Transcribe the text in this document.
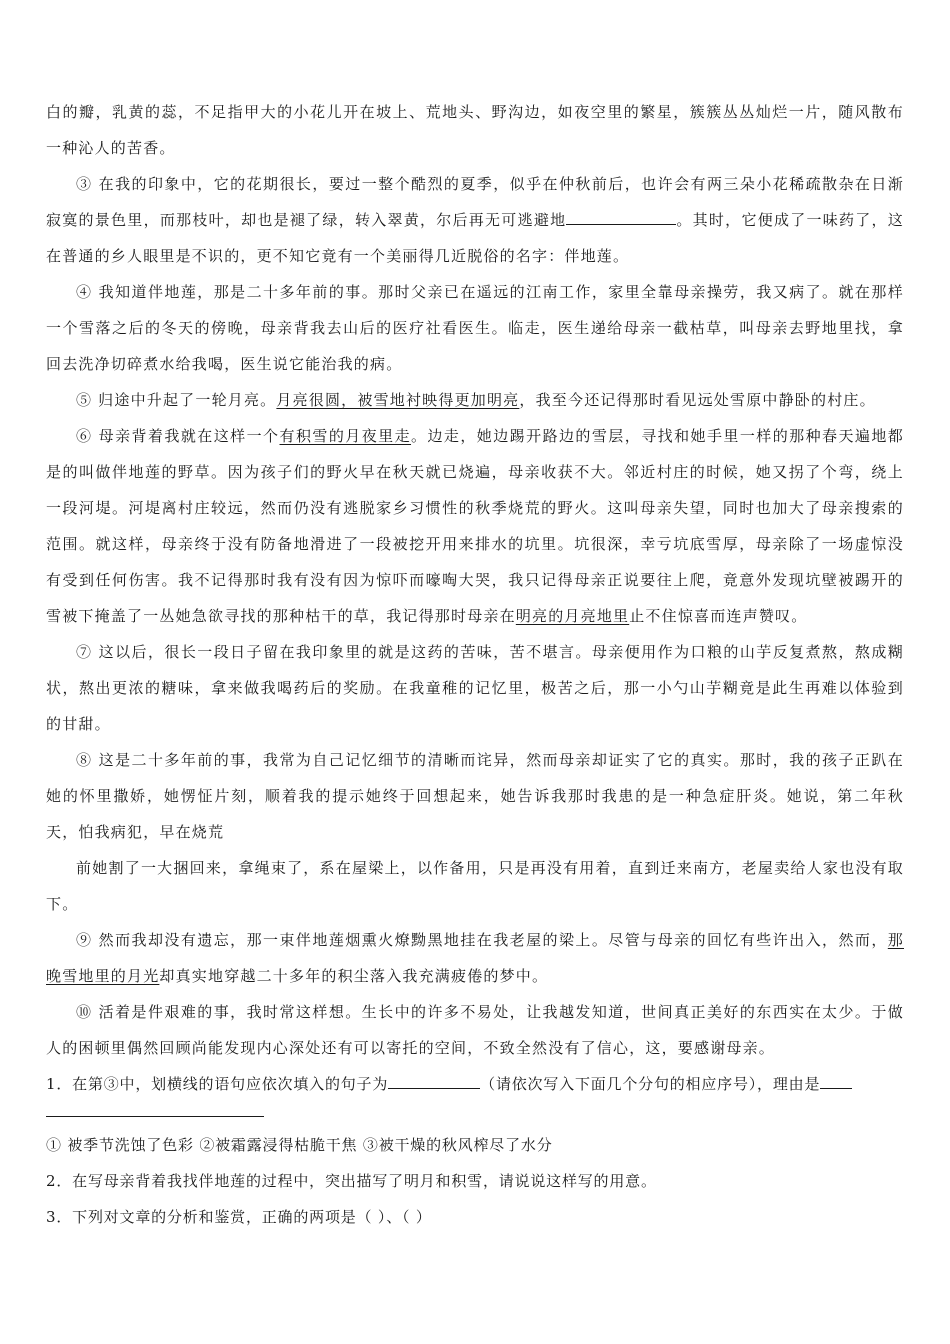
白的瓣，乳黄的蕊，不足指甲大的小花儿开在坡上、荒地头、野沟边，如夜空里的繁星，簇簇丛丛灿烂一片，随风散布一种沁人的苦香。

③ 在我的印象中，它的花期很长，要过一整个酷烈的夏季，似乎在仲秋前后，也许会有两三朵小花稀疏散杂在日渐寂寞的景色里，而那枝叶，却也是褪了绿，转入翠黄，尔后再无可逃避地	。其时，它便成了一味药了，这在普通的乡人眼里是不识的，更不知它竟有一个美丽得几近脱俗的名字：伴地莲。

④ 我知道伴地莲，那是二十多年前的事。那时父亲已在遥远的江南工作，家里全靠母亲操劳，我又病了。就在那样一个雪落之后的冬天的傍晚，母亲背我去山后的医疗社看医生。临走，医生递给母亲一截枯草，叫母亲去野地里找，拿回去洗净切碎煮水给我喝，医生说它能治我的病。

⑤ 归途中升起了一轮月亮。月亮很圆，被雪地衬映得更加明亮，我至今还记得那时看见远处雪原中静卧的村庄。

⑥ 母亲背着我就在这样一个有积雪的月夜里走。边走，她边踢开路边的雪层，寻找和她手里一样的那种春天遍地都是的叫做伴地莲的野草。因为孩子们的野火早在秋天就已烧遍，母亲收获不大。邻近村庄的时候，她又拐了个弯，绕上一段河堤。河堤离村庄较远，然而仍没有逃脱家乡习惯性的秋季烧荒的野火。这叫母亲失望，同时也加大了母亲搜索的范围。就这样，母亲终于没有防备地滑进了一段被挖开用来排水的坑里。坑很深，幸亏坑底雪厚，母亲除了一场虚惊没有受到任何伤害。我不记得那时我有没有因为惊吓而嚎啕大哭，我只记得母亲正说要往上爬，竟意外发现坑壁被踢开的雪被下掩盖了一丛她急欲寻找的那种枯干的草，我记得那时母亲在明亮的月亮地里止不住惊喜而连声赞叹。

⑦ 这以后，很长一段日子留在我印象里的就是这药的苦味，苦不堪言。母亲便用作为口粮的山芋反复煮熬，熬成糊状，熬出更浓的糖味，拿来做我喝药后的奖励。在我童稚的记忆里，极苦之后，那一小勺山芋糊竟是此生再难以体验到的甘甜。

⑧ 这是二十多年前的事，我常为自己记忆细节的清晰而诧异，然而母亲却证实了它的真实。那时，我的孩子正趴在她的怀里撒娇，她愣怔片刻，顺着我的提示她终于回想起来，她告诉我那时我患的是一种急症肝炎。她说，第二年秋天，怕我病犯，早在烧荒

前她割了一大捆回来，拿绳束了，系在屋梁上，以作备用，只是再没有用着，直到迁来南方，老屋卖给人家也没有取下。

⑨ 然而我却没有遗忘，那一束伴地莲烟熏火燎黝黑地挂在我老屋的梁上。尽管与母亲的回忆有些许出入，然而，那晚雪地里的月光却真实地穿越二十多年的积尘落入我充满疲倦的梦中。

⑩ 活着是件艰难的事，我时常这样想。生长中的许多不易处，让我越发知道，世间真正美好的东西实在太少。于做人的困顿里偶然回顾尚能发现内心深处还有可以寄托的空间，不致全然没有了信心，这，要感谢母亲。

1．在第③中，划横线的语句应依次填入的句子为	（请依次写入下面几个分句的相应序号），理由是

① 被季节洗蚀了色彩 ②被霜露浸得枯脆干焦 ③被干燥的秋风榨尽了水分

2．在写母亲背着我找伴地莲的过程中，突出描写了明月和积雪，请说说这样写的用意。

3．下列对文章的分析和鉴赏，正确的两项是（ ）、（ ）
